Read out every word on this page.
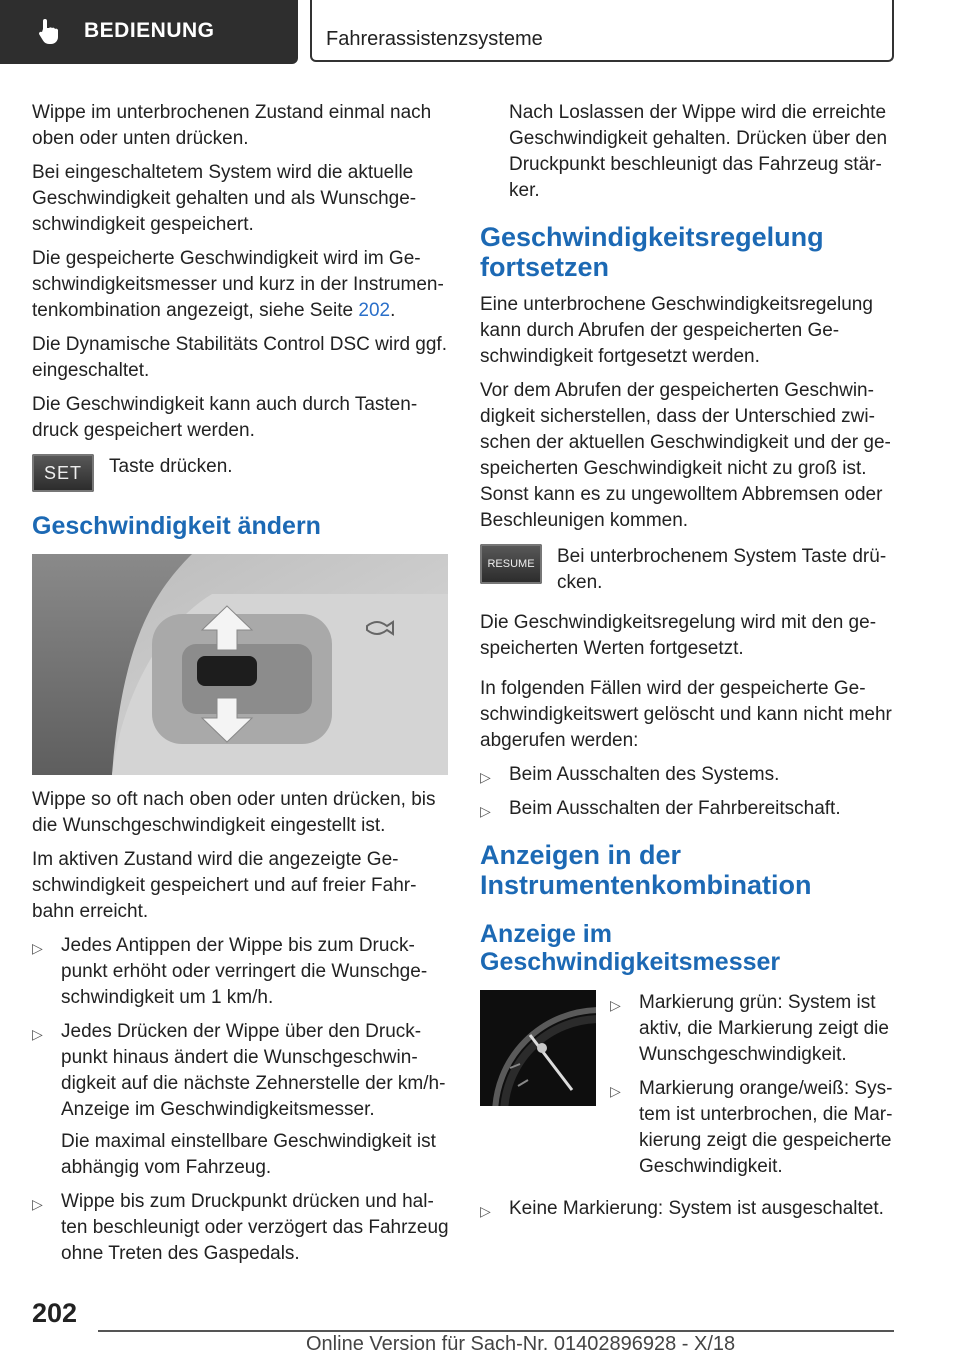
BEDIENUNG	Fahrerassistenzsysteme

Wippe im unterbrochenen Zustand einmal nach oben oder unten drücken.

Bei eingeschaltetem System wird die aktuelle Geschwindigkeit gehalten und als Wunschgeschwindigkeit gespeichert.

Die gespeicherte Geschwindigkeit wird im Geschwindigkeitsmesser und kurz in der Instrumentenkombination angezeigt, siehe Seite 202.

Die Dynamische Stabilitäts Control DSC wird ggf. eingeschaltet.

Die Geschwindigkeit kann auch durch Tastendruck gespeichert werden.

SET	Taste drücken.
Geschwindigkeit ändern

Wippe so oft nach oben oder unten drücken, bis die Wunschgeschwindigkeit eingestellt ist.

Im aktiven Zustand wird die angezeigte Geschwindigkeit gespeichert und auf freier Fahrbahn erreicht.

▷ Jedes Antippen der Wippe bis zum Druckpunkt erhöht oder verringert die Wunschgeschwindigkeit um 1 km/h.
▷ Jedes Drücken der Wippe über den Druckpunkt hinaus ändert die Wunschgeschwindigkeit auf die nächste Zehnerstelle der km/h-Anzeige im Geschwindigkeitsmesser.
Die maximal einstellbare Geschwindigkeit ist abhängig vom Fahrzeug.
▷ Wippe bis zum Druckpunkt drücken und halten beschleunigt oder verzögert das Fahrzeug ohne Treten des Gaspedals.

Nach Loslassen der Wippe wird die erreichte Geschwindigkeit gehalten. Drücken über den Druckpunkt beschleunigt das Fahrzeug stärker.

Geschwindigkeitsregelung fortsetzen

Eine unterbrochene Geschwindigkeitsregelung kann durch Abrufen der gespeicherten Geschwindigkeit fortgesetzt werden.

Vor dem Abrufen der gespeicherten Geschwindigkeit sicherstellen, dass der Unterschied zwischen der aktuellen Geschwindigkeit und der gespeicherten Geschwindigkeit nicht zu groß ist. Sonst kann es zu ungewolltem Abbremsen oder Beschleunigen kommen.

RESUME	Bei unterbrochenem System Taste drücken.

Die Geschwindigkeitsregelung wird mit den gespeicherten Werten fortgesetzt.

In folgenden Fällen wird der gespeicherte Geschwindigkeitswert gelöscht und kann nicht mehr abgerufen werden:

▷ Beim Ausschalten des Systems.
▷ Beim Ausschalten der Fahrbereitschaft.
Anzeigen in der Instrumentenkombination
Anzeige im Geschwindigkeitsmesser
▷ Markierung grün: System ist aktiv, die Markierung zeigt die Wunschgeschwindigkeit.
▷ Markierung orange/weiß: System ist unterbrochen, die Markierung zeigt die gespeicherte Geschwindigkeit.
▷ Keine Markierung: System ist ausgeschaltet.
202
Online Version für Sach-Nr. 01402896928 - X/18
